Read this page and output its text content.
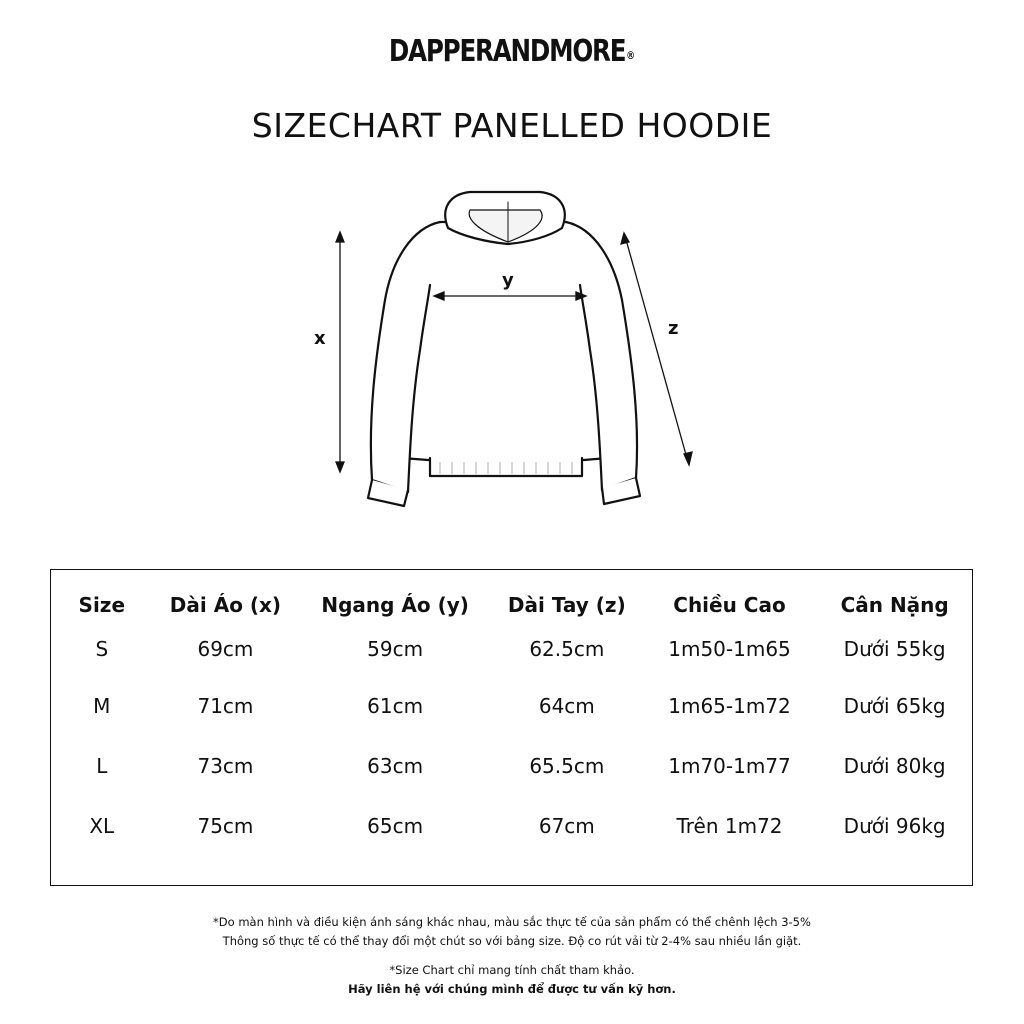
DAPPERANDMORE®
SIZECHART PANELLED HOODIE
x
y
z
Size	Dài Áo (x)	Ngang Áo (y)	Dài Tay (z)	Chiều Cao	Cân Nặng
S	69cm	59cm	62.5cm	1m50-1m65	Dưới 55kg
M	71cm	61cm	64cm	1m65-1m72	Dưới 65kg
L	73cm	63cm	65.5cm	1m70-1m77	Dưới 80kg
XL	75cm	65cm	67cm	Trên 1m72	Dưới 96kg
*Do màn hình và điều kiện ánh sáng khác nhau, màu sắc thực tế của sản phẩm có thể chênh lệch 3-5%
Thông số thực tế có thể thay đổi một chút so với bảng size. Độ co rút vải từ 2-4% sau nhiều lần giặt.
*Size Chart chỉ mang tính chất tham khảo.
Hãy liên hệ với chúng mình để được tư vấn kỹ hơn.
